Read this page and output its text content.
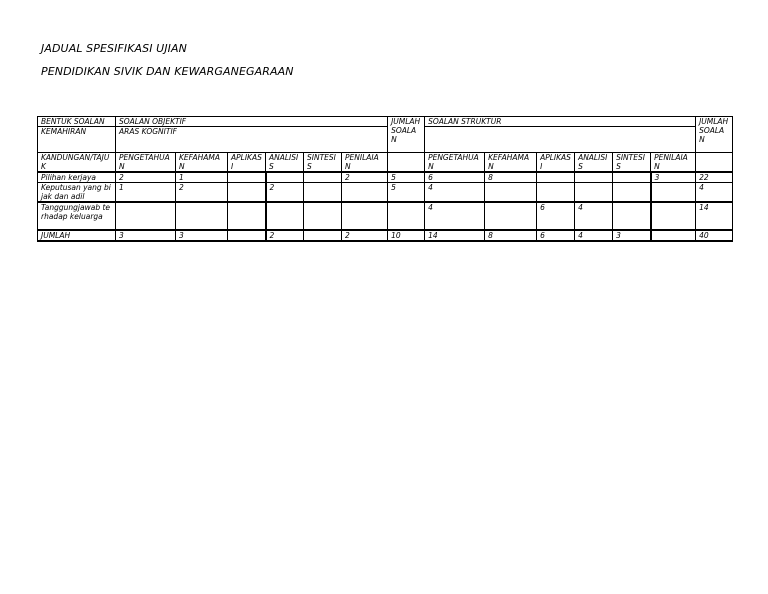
JADUAL SPESIFIKASI UJIAN
PENDIDIKAN SIVIK DAN KEWARGANEGARAAN
BENTUK SOALAN	SOALAN OBJEKTIF						JUMLAH SOALAN	SOALAN STRUKTUR						JUMLAH SOALAN
KEMAHIRAN	ARAS KOGNITIF													
KANDUNGAN/TAJUK	PENGETAHUAN	KEFAHAMAN	APLIKASI	ANALISIS	SINTESIS	PENILAIAN		PENGETAHUAN	KEFAHAMAN	APLIKASI	ANALISIS	SINTESIS	PENILAIAN	
Pilihan kerjaya	2	1				2	5	6	8				3	22
Keputusan yang bijak dan adil	1	2		2			5	4						4
Tanggungjawab terhadap keluarga								4		6	4			14
JUMLAH	3	3		2		2	10	14	8	6	4	3		40
